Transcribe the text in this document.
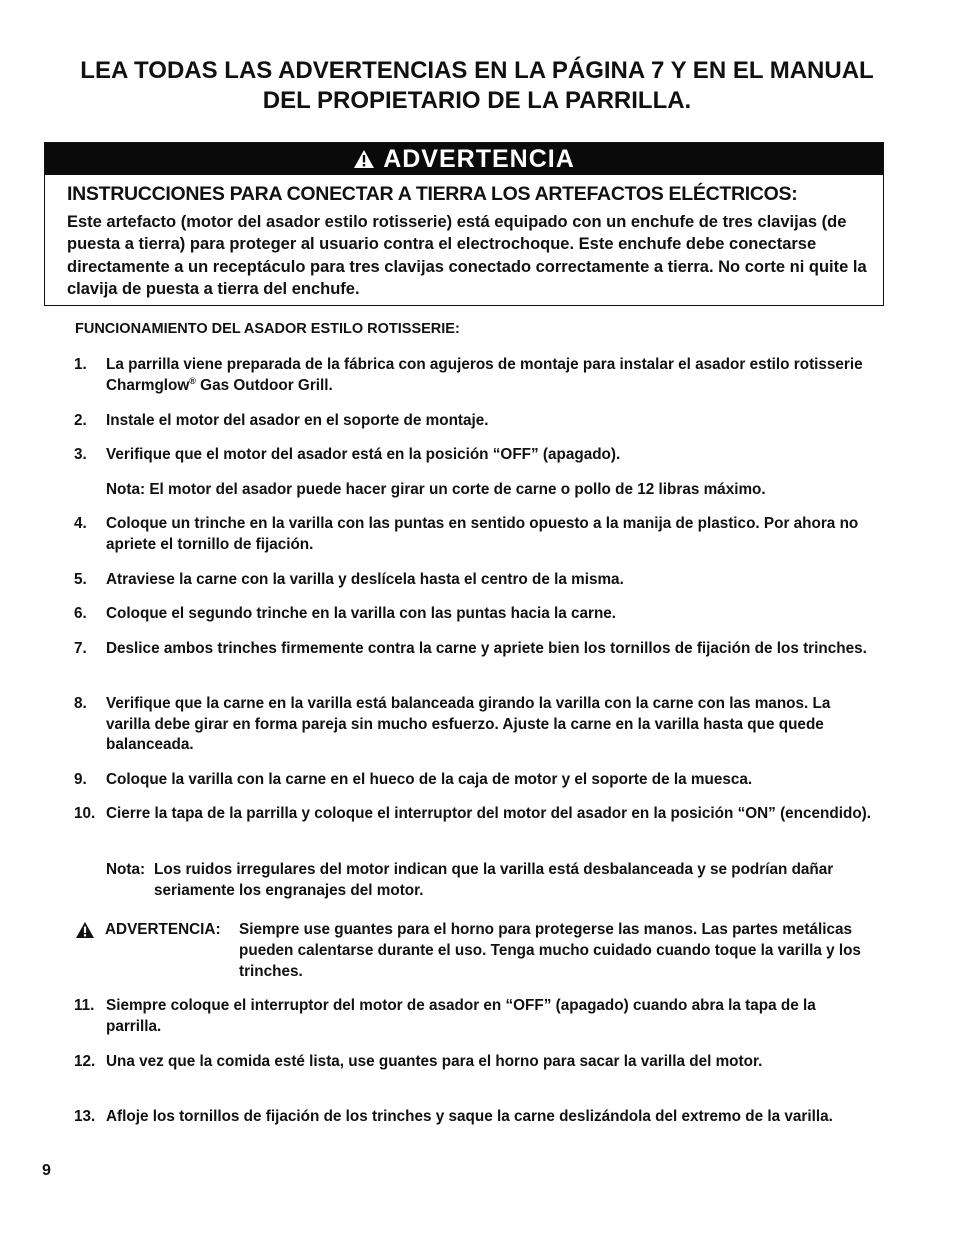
LEA TODAS LAS ADVERTENCIAS EN LA PÁGINA 7 Y EN EL MANUAL
DEL PROPIETARIO DE LA PARRILLA.
ADVERTENCIA
INSTRUCCIONES PARA CONECTAR A TIERRA LOS ARTEFACTOS ELÉCTRICOS:
Este artefacto (motor del asador estilo rotisserie) está equipado con un enchufe de tres clavijas (de puesta a tierra) para proteger al usuario contra el electrochoque. Este enchufe debe conectarse directamente a un receptáculo para tres clavijas conectado correctamente a tierra. No corte ni quite la clavija de puesta a tierra del enchufe.
FUNCIONAMIENTO DEL ASADOR ESTILO ROTISSERIE:
1. La parrilla viene preparada de la fábrica con agujeros de montaje para instalar el asador estilo rotisserie Charmglow® Gas Outdoor Grill.
2. Instale el motor del asador en el soporte de montaje.
3. Verifique que el motor del asador está en la posición “OFF” (apagado).
Nota: El motor del asador puede hacer girar un corte de carne o pollo de 12 libras máximo.
4. Coloque un trinche en la varilla con las puntas en sentido opuesto a la manija de plastico. Por ahora no apriete el tornillo de fijación.
5. Atraviese la carne con la varilla y deslícela hasta el centro de la misma.
6. Coloque el segundo trinche en la varilla con las puntas hacia la carne.
7. Deslice ambos trinches firmemente contra la carne y apriete bien los tornillos de fijación de los trinches.
8. Verifique que la carne en la varilla está balanceada girando la varilla con la carne con las manos. La varilla debe girar en forma pareja sin mucho esfuerzo. Ajuste la carne en la varilla hasta que quede balanceada.
9. Coloque la varilla con la carne en el hueco de la caja de motor y el soporte de la muesca.
10. Cierre la tapa de la parrilla y coloque el interruptor del motor del asador en la posición “ON” (encendido).
Nota: Los ruidos irregulares del motor indican que la varilla está desbalanceada y se podrían dañar seriamente los engranajes del motor.
ADVERTENCIA: Siempre use guantes para el horno para protegerse las manos. Las partes metálicas pueden calentarse durante el uso. Tenga mucho cuidado cuando toque la varilla y los trinches.
11. Siempre coloque el interruptor del motor de asador en “OFF” (apagado) cuando abra la tapa de la parrilla.
12. Una vez que la comida esté lista, use guantes para el horno para sacar la varilla del motor.
13. Afloje los tornillos de fijación de los trinches y saque la carne deslizándola del extremo de la varilla.
9
